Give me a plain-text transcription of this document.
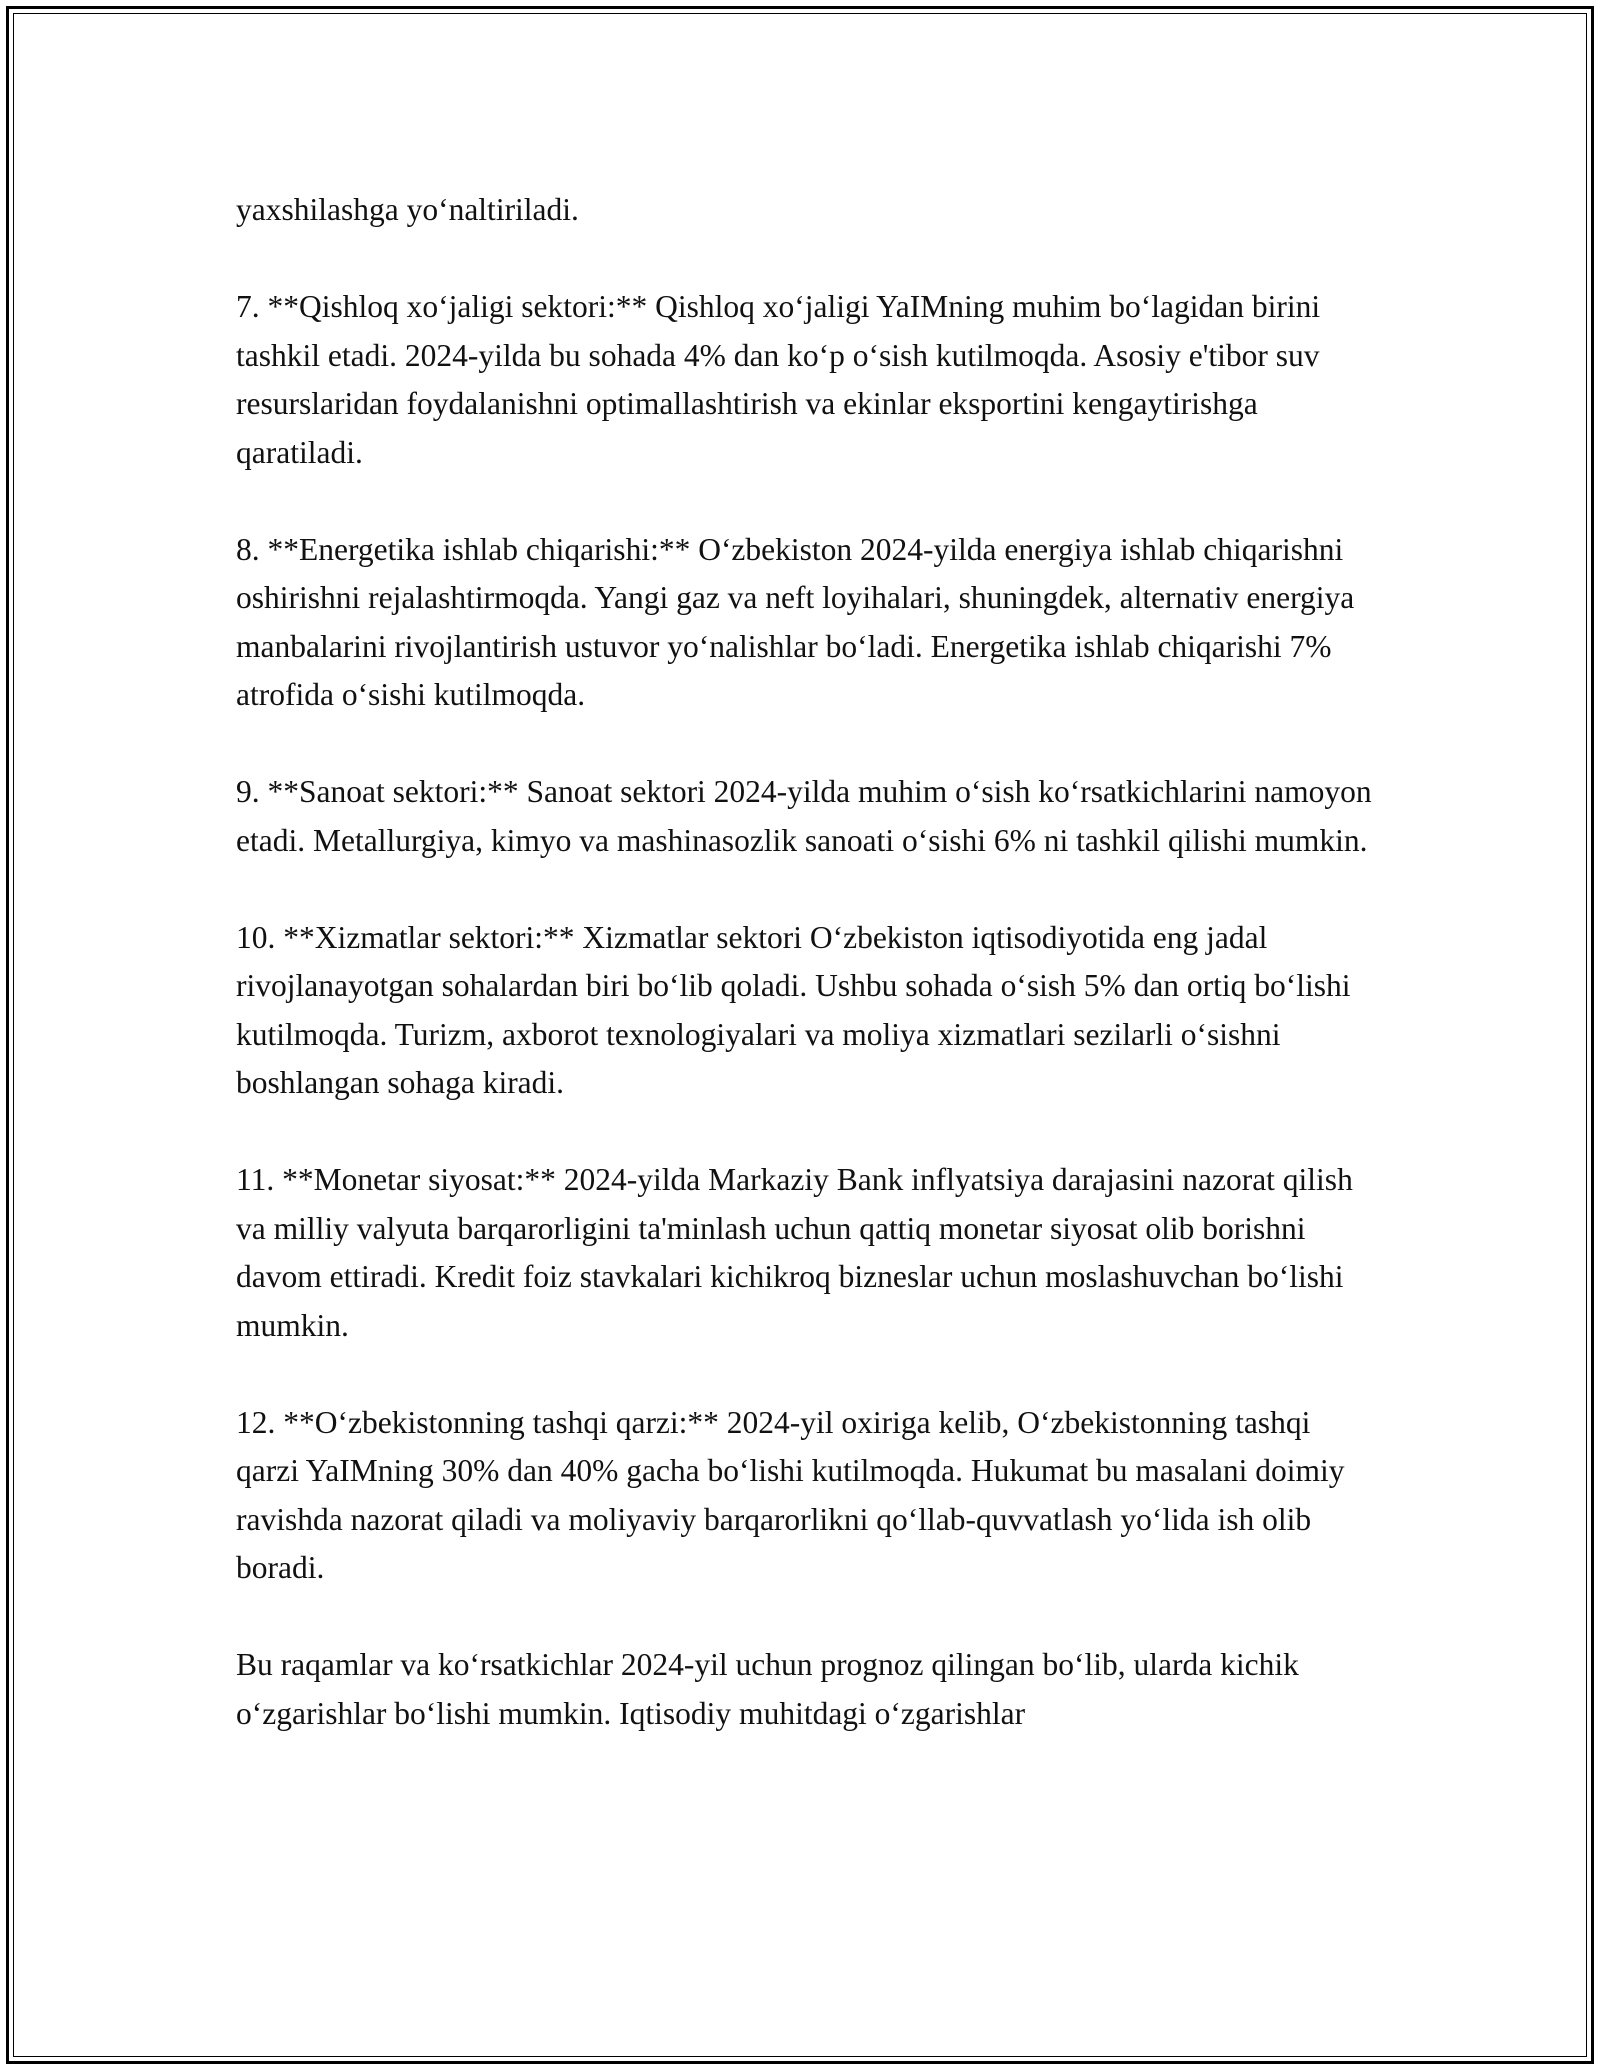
yaxshilashga yo‘naltiriladi.

7. **Qishloq xo‘jaligi sektori:** Qishloq xo‘jaligi YaIMning muhim bo‘lagidan birini tashkil etadi. 2024-yilda bu sohada 4% dan ko‘p o‘sish kutilmoqda. Asosiy e'tibor suv resurslaridan foydalanishni optimallashtirish va ekinlar eksportini kengaytirishga qaratiladi.

8. **Energetika ishlab chiqarishi:** O‘zbekiston 2024-yilda energiya ishlab chiqarishni oshirishni rejalashtirmoqda. Yangi gaz va neft loyihalari, shuningdek, alternativ energiya manbalarini rivojlantirish ustuvor yo‘nalishlar bo‘ladi. Energetika ishlab chiqarishi 7% atrofida o‘sishi kutilmoqda.

9. **Sanoat sektori:** Sanoat sektori 2024-yilda muhim o‘sish ko‘rsatkichlarini namoyon etadi. Metallurgiya, kimyo va mashinasozlik sanoati o‘sishi 6% ni tashkil qilishi mumkin.

10. **Xizmatlar sektori:** Xizmatlar sektori O‘zbekiston iqtisodiyotida eng jadal rivojlanayotgan sohalardan biri bo‘lib qoladi. Ushbu sohada o‘sish 5% dan ortiq bo‘lishi kutilmoqda. Turizm, axborot texnologiyalari va moliya xizmatlari sezilarli o‘sishni boshlangan sohaga kiradi.

11. **Monetar siyosat:** 2024-yilda Markaziy Bank inflyatsiya darajasini nazorat qilish va milliy valyuta barqarorligini ta'minlash uchun qattiq monetar siyosat olib borishni davom ettiradi. Kredit foiz stavkalari kichikroq bizneslar uchun moslashuvchan bo‘lishi mumkin.

12. **O‘zbekistonning tashqi qarzi:** 2024-yil oxiriga kelib, O‘zbekistonning tashqi qarzi YaIMning 30% dan 40% gacha bo‘lishi kutilmoqda. Hukumat bu masalani doimiy ravishda nazorat qiladi va moliyaviy barqarorlikni qo‘llab-quvvatlash yo‘lida ish olib boradi.

Bu raqamlar va ko‘rsatkichlar 2024-yil uchun prognoz qilingan bo‘lib, ularda kichik o‘zgarishlar bo‘lishi mumkin. Iqtisodiy muhitdagi o‘zgarishlar
